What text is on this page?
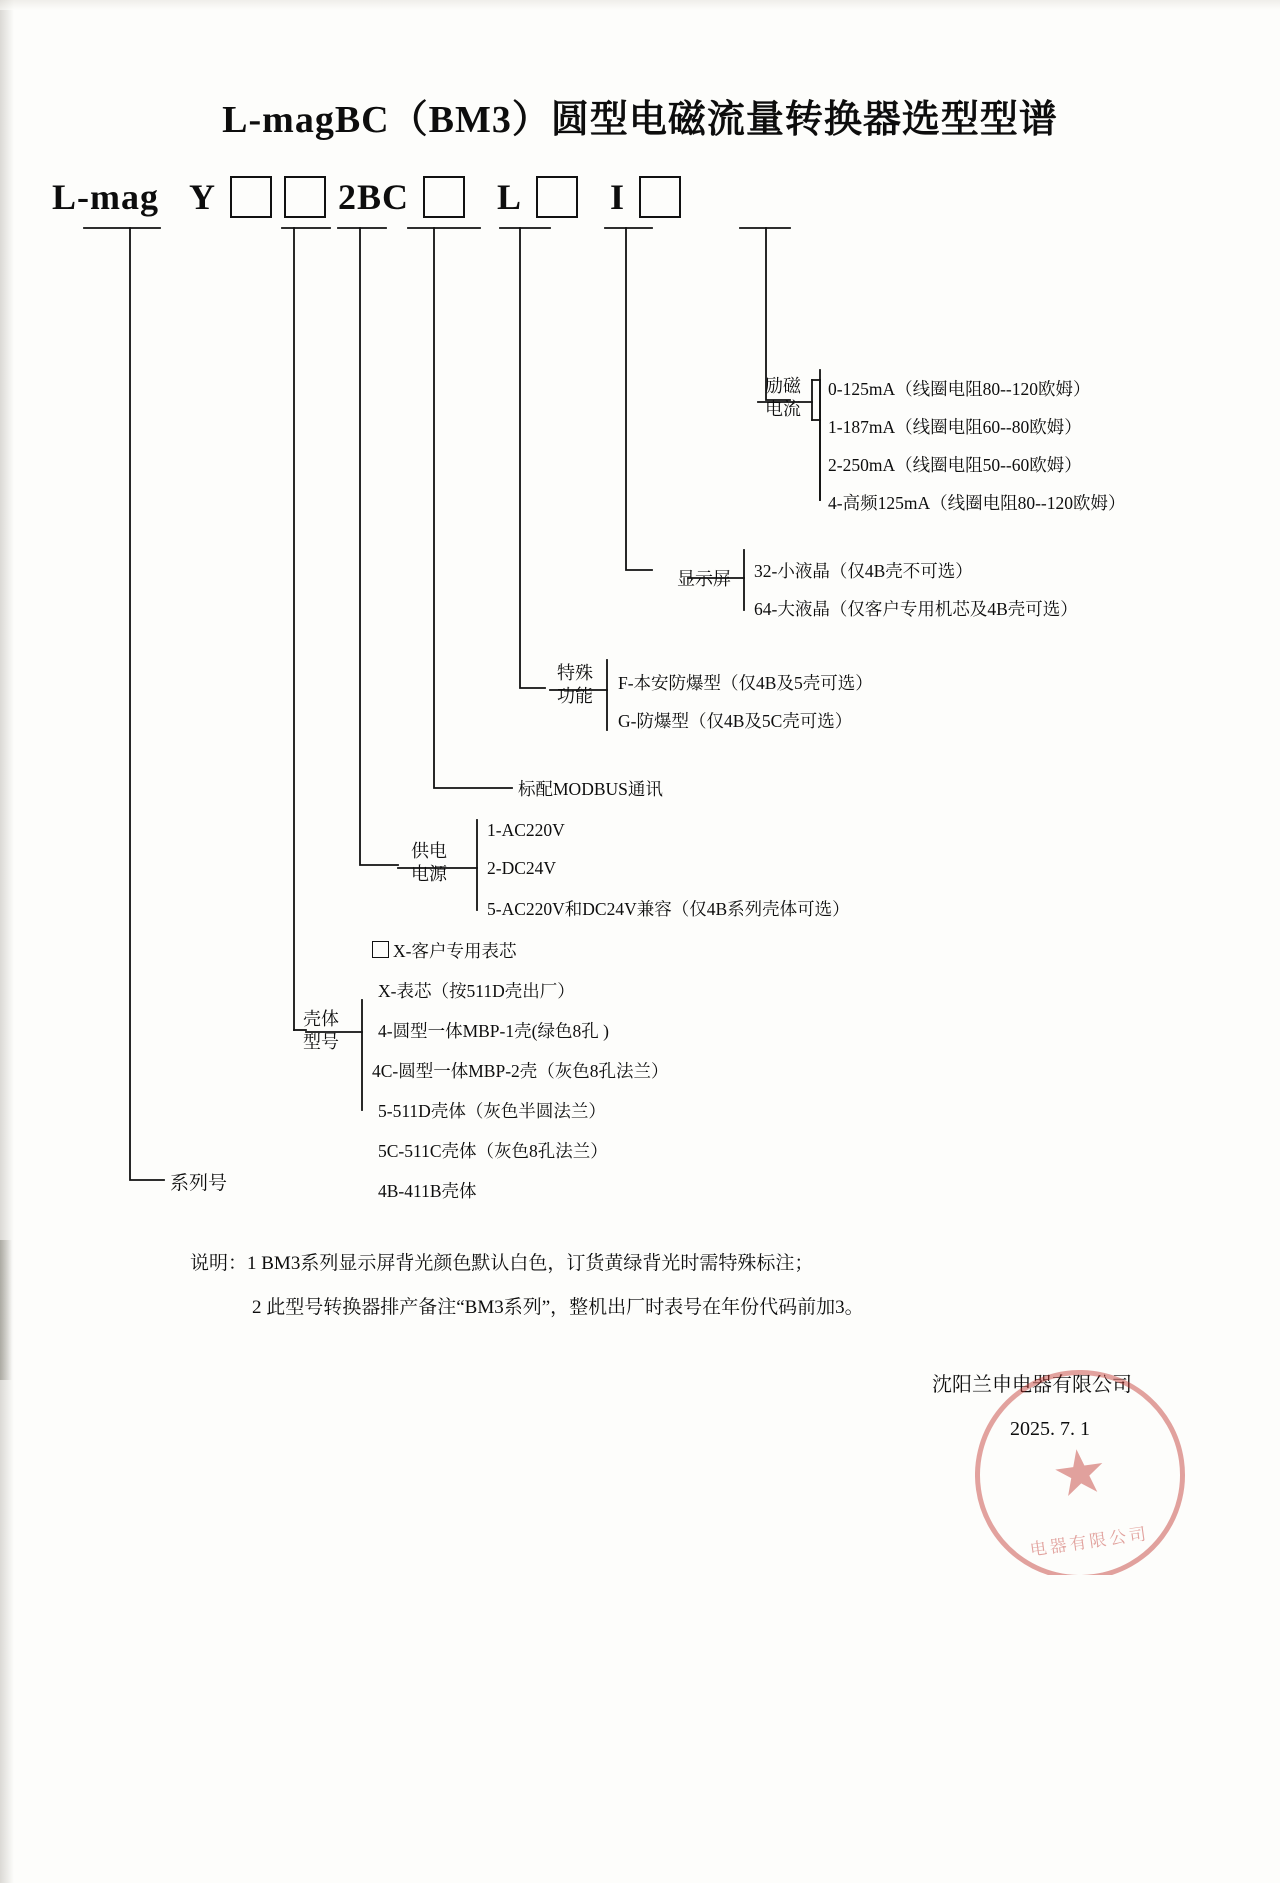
L-magBC（BM3）圆型电磁流量转换器选型型谱
L-mag Y	2BC L I
励磁
电流
0-125mA（线圈电阻80--120欧姆）
1-187mA（线圈电阻60--80欧姆）
2-250mA（线圈电阻50--60欧姆）
4-高频125mA（线圈电阻80--120欧姆）
显示屏	32-小液晶（仅4B壳不可选）
64-大液晶（仅客户专用机芯及4B壳可选）
特殊
功能
F-本安防爆型（仅4B及5壳可选）
G-防爆型（仅4B及5C壳可选）
标配MODBUS通讯
供电
电源
1-AC220V
2-DC24V
5-AC220V和DC24V兼容（仅4B系列壳体可选）
壳体
型号
X-客户专用表芯
X-表芯（按511D壳出厂）
4-圆型一体MBP-1壳(绿色8孔 )
4C-圆型一体MBP-2壳（灰色8孔法兰）
5-511D壳体（灰色半圆法兰）
5C-511C壳体（灰色8孔法兰）
4B-411B壳体
系列号
说明：1 BM3系列显示屏背光颜色默认白色，订货黄绿背光时需特殊标注；
2 此型号转换器排产备注“BM3系列”，整机出厂时表号在年份代码前加3。
沈阳兰申电器有限公司
2025. 7. 1
★
电器有限公司
